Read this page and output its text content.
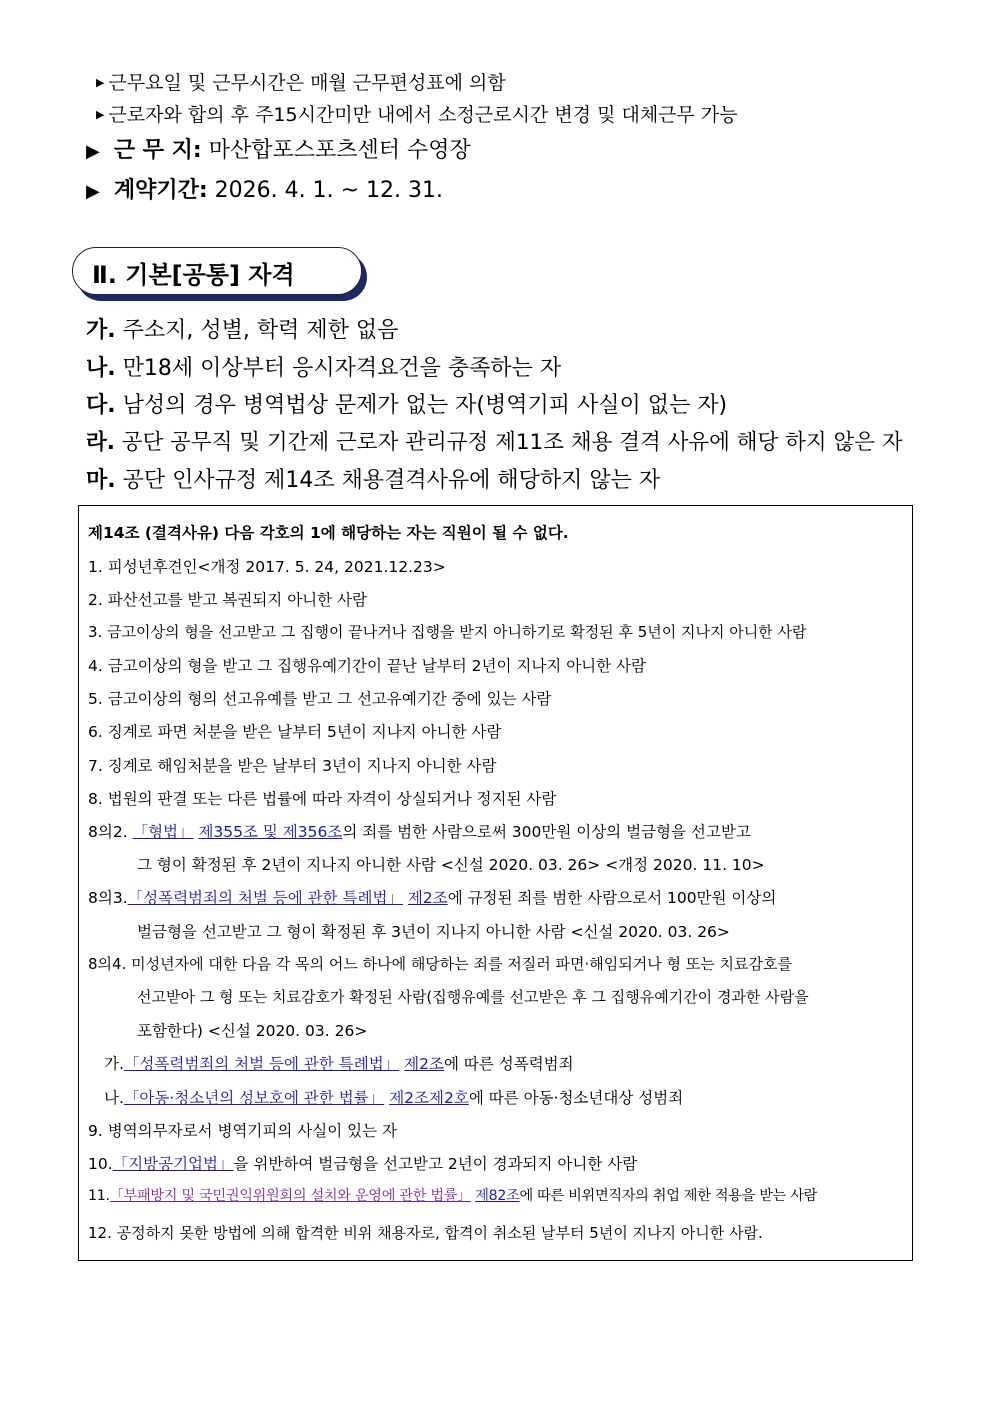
▶ 근무요일 및 근무시간은 매월 근무편성표에 의함
▶ 근로자와 합의 후 주15시간미만 내에서 소정근로시간 변경 및 대체근무 가능
▶ 근 무 지: 마산합포스포츠센터 수영장
▶ 계약기간: 2026. 4. 1. ~ 12. 31.
Ⅱ. 기본[공통] 자격
가. 주소지, 성별, 학력 제한 없음
나. 만18세 이상부터 응시자격요건을 충족하는 자
다. 남성의 경우 병역법상 문제가 없는 자(병역기피 사실이 없는 자)
라. 공단 공무직 및 기간제 근로자 관리규정 제11조 채용 결격 사유에 해당 하지 않은 자
마. 공단 인사규정 제14조 채용결격사유에 해당하지 않는 자
제14조 (결격사유) 다음 각호의 1에 해당하는 자는 직원이 될 수 없다.
1. 피성년후견인<개정 2017. 5. 24, 2021.12.23>
2. 파산선고를 받고 복권되지 아니한 사람
3. 금고이상의 형을 선고받고 그 집행이 끝나거나 집행을 받지 아니하기로 확정된 후 5년이 지나지 아니한 사람
4. 금고이상의 형을 받고 그 집행유예기간이 끝난 날부터 2년이 지나지 아니한 사람
5. 금고이상의 형의 선고유예를 받고 그 선고유예기간 중에 있는 사람
6. 징계로 파면 처분을 받은 날부터 5년이 지나지 아니한 사람
7. 징계로 해임처분을 받은 날부터 3년이 지나지 아니한 사람
8. 법원의 판결 또는 다른 법률에 따라 자격이 상실되거나 정지된 사람
8의2. 「형법」 제355조 및 제356조의 죄를 범한 사람으로써 300만원 이상의 벌금형을 선고받고
그 형이 확정된 후 2년이 지나지 아니한 사람 <신설 2020. 03. 26> <개정 2020. 11. 10>
8의3.「성폭력범죄의 처벌 등에 관한 특례법」 제2조에 규정된 죄를 범한 사람으로서 100만원 이상의
벌금형을 선고받고 그 형이 확정된 후 3년이 지나지 아니한 사람 <신설 2020. 03. 26>
8의4. 미성년자에 대한 다음 각 목의 어느 하나에 해당하는 죄를 저질러 파면·해임되거나 형 또는 치료감호를
선고받아 그 형 또는 치료감호가 확정된 사람(집행유예를 선고받은 후 그 집행유예기간이 경과한 사람을
포함한다) <신설 2020. 03. 26>
가.「성폭력범죄의 처벌 등에 관한 특례법」 제2조에 따른 성폭력범죄
나.「아동·청소년의 성보호에 관한 법률」 제2조제2호에 따른 아동·청소년대상 성범죄
9. 병역의무자로서 병역기피의 사실이 있는 자
10.「지방공기업법」을 위반하여 벌금형을 선고받고 2년이 경과되지 아니한 사람
11.「부패방지 및 국민권익위원회의 설치와 운영에 관한 법률」 제82조에 따른 비위면직자의 취업 제한 적용을 받는 사람
12. 공정하지 못한 방법에 의해 합격한 비위 채용자로, 합격이 취소된 날부터 5년이 지나지 아니한 사람.
